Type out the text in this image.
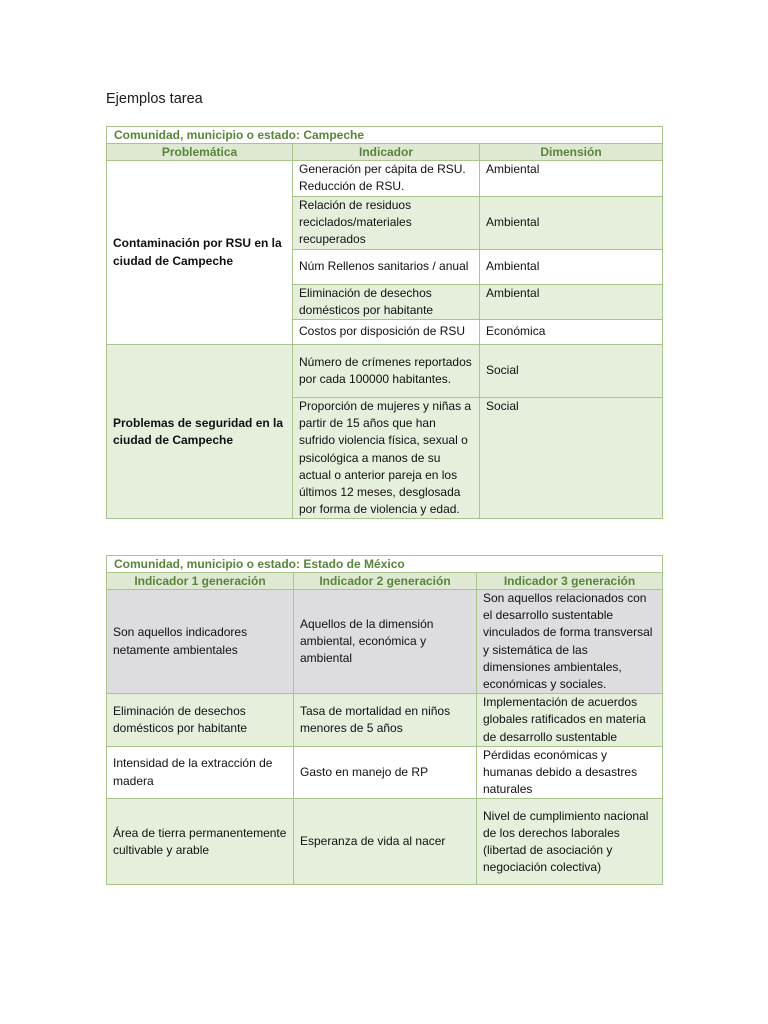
Ejemplos tarea
Comunidad, municipio o estado: Campeche		
Problemática	Indicador	Dimensión
Contaminación por RSU en la ciudad de Campeche	Generación per cápita de RSU. Reducción de RSU.	Ambiental
	Relación de residuos reciclados/materiales recuperados	Ambiental
	Núm Rellenos sanitarios / anual	Ambiental
	Eliminación de desechos domésticos por habitante	Ambiental
	Costos por disposición de RSU	Económica
Problemas de seguridad en la ciudad de Campeche	Número de crímenes reportados por cada 100000 habitantes.	Social
	Proporción de mujeres y niñas a partir de 15 años que han sufrido violencia física, sexual o psicológica a manos de su actual o anterior pareja en los últimos 12 meses, desglosada por forma de violencia y edad.	Social
Comunidad, municipio o estado: Estado de México		
Indicador 1 generación	Indicador 2 generación	Indicador 3 generación
Son aquellos indicadores netamente ambientales	Aquellos de la dimensión ambiental, económica y ambiental	Son aquellos relacionados con el desarrollo sustentable vinculados de forma transversal y sistemática de las dimensiones ambientales, económicas y sociales.
Eliminación de desechos domésticos por habitante	Tasa de mortalidad en niños menores de 5 años	Implementación de acuerdos globales ratificados en materia de desarrollo sustentable
Intensidad de la extracción de madera	Gasto en manejo de RP	Pérdidas económicas y humanas debido a desastres naturales
Área de tierra permanentemente cultivable y arable	Esperanza de vida al nacer	Nivel de cumplimiento nacional de los derechos laborales (libertad de asociación y negociación colectiva)
